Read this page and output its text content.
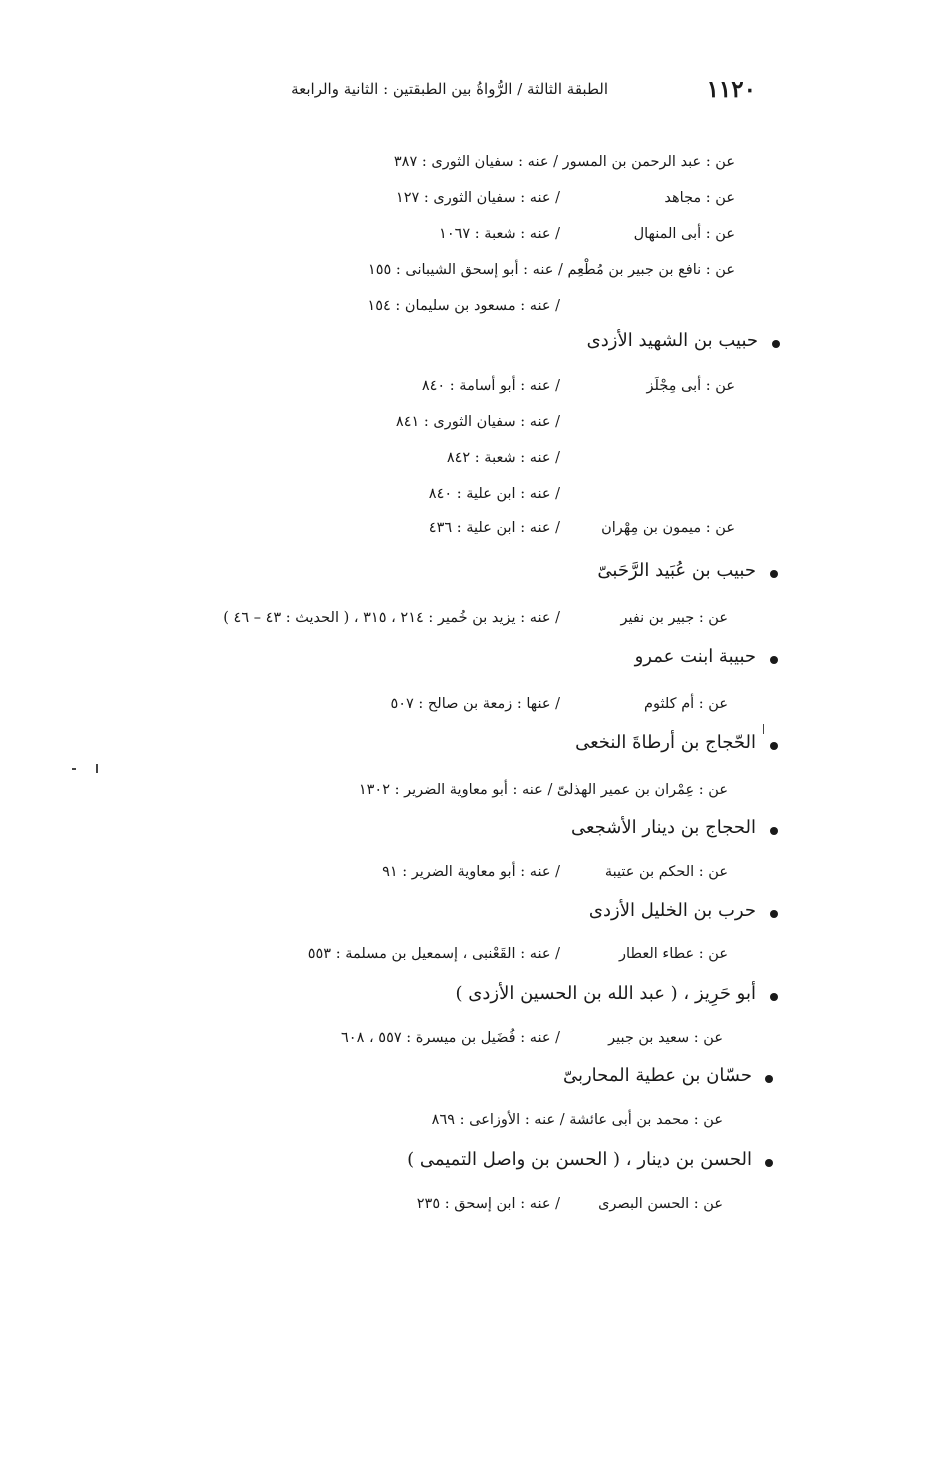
١١٢٠
الطبقة الثالثة / الرُّواةُ بين الطبقتين : الثانية والرابعة
عن : عبد الرحمن بن المسور / عنه : سفيان الثورى : ٣٨٧
عن : مجاهد
/ عنه : سفيان الثورى : ١٢٧
عن : أبى المنهال
/ عنه : شعبة : ١٠٦٧
عن : نافع بن جبير بن مُطْعِم / عنه : أبو إسحق الشيبانى : ١٥٥
/ عنه : مسعود بن سليمان : ١٥٤
حبيب بن الشهيد الأزدى
عن : أبى مِجْلَز
/ عنه : أبو أسامة : ٨٤٠
/ عنه : سفيان الثورى : ٨٤١
/ عنه : شعبة : ٨٤٢
/ عنه : ابن علية : ٨٤٠
عن : ميمون بن مِهْران
/ عنه : ابن علية : ٤٣٦
حبيب بن عُبَيد الرَّحَبىّ
عن : جبير بن نفير
/ عنه : يزيد بن خُمير : ٢١٤ ، ٣١٥ ، ( الحديث : ٤٣ – ٤٦ )
حبيبة ابنت عمرو
عن : أم كلثوم
/ عنها : زمعة بن صالح : ٥٠٧
الحّجاج بن أرطاةَ النخعى
عن : عِمْران بن عمير الهذلىّ / عنه : أبو معاوية الضرير : ١٣٠٢
الحجاج بن دينار الأشجعى
عن : الحكم بن عتيبة
/ عنه : أبو معاوية الضرير : ٩١
حرب بن الخليل الأزدى
عن : عطاء العطار
/ عنه : القَعْنبى ، إسمعيل بن مسلمة : ٥٥٣
أبو حَرِيز ، ( عبد الله بن الحسين الأزدى )
عن : سعيد بن جبير
/ عنه : فُضَيل بن ميسرة : ٥٥٧ ، ٦٠٨
حسّان بن عطية المحاربىّ
عن : محمد بن أبى عائشة / عنه : الأوزاعى : ٨٦٩
الحسن بن دينار ، ( الحسن بن واصل التميمى )
عن : الحسن البصرى
/ عنه : ابن إسحق : ٢٣٥
